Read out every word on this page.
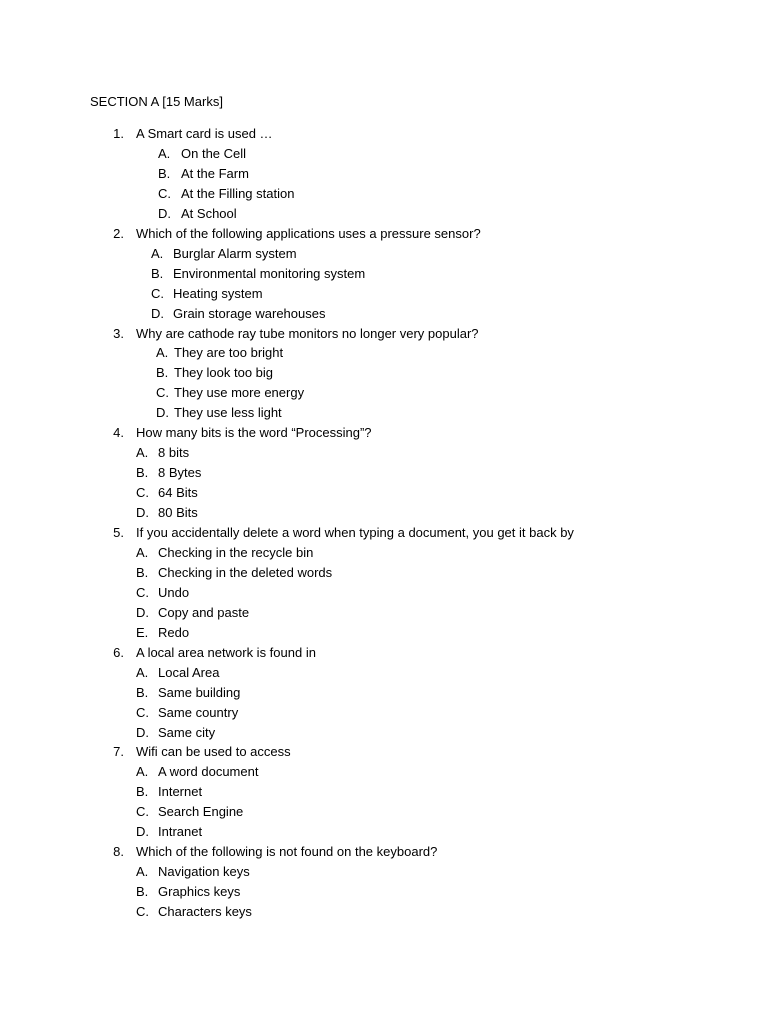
SECTION A [15 Marks]
1. A Smart card is used …
A. On the Cell
B. At the Farm
C. At the Filling station
D. At School
2. Which of the following applications uses a pressure sensor?
A. Burglar Alarm system
B. Environmental monitoring system
C. Heating system
D. Grain storage warehouses
3. Why are cathode ray tube monitors no longer very popular?
A. They are too bright
B. They look too big
C. They use more energy
D. They use less light
4. How many bits is the word “Processing”?
A. 8 bits
B. 8 Bytes
C. 64 Bits
D. 80 Bits
5. If you accidentally delete a word when typing a document, you get it back by
A. Checking in the recycle bin
B. Checking in the deleted words
C. Undo
D. Copy and paste
E. Redo
6. A local area network is found in
A. Local Area
B. Same building
C. Same country
D. Same city
7. Wifi can be used to access
A. A word document
B. Internet
C. Search Engine
D. Intranet
8. Which of the following is not found on the keyboard?
A. Navigation keys
B. Graphics keys
C. Characters keys
